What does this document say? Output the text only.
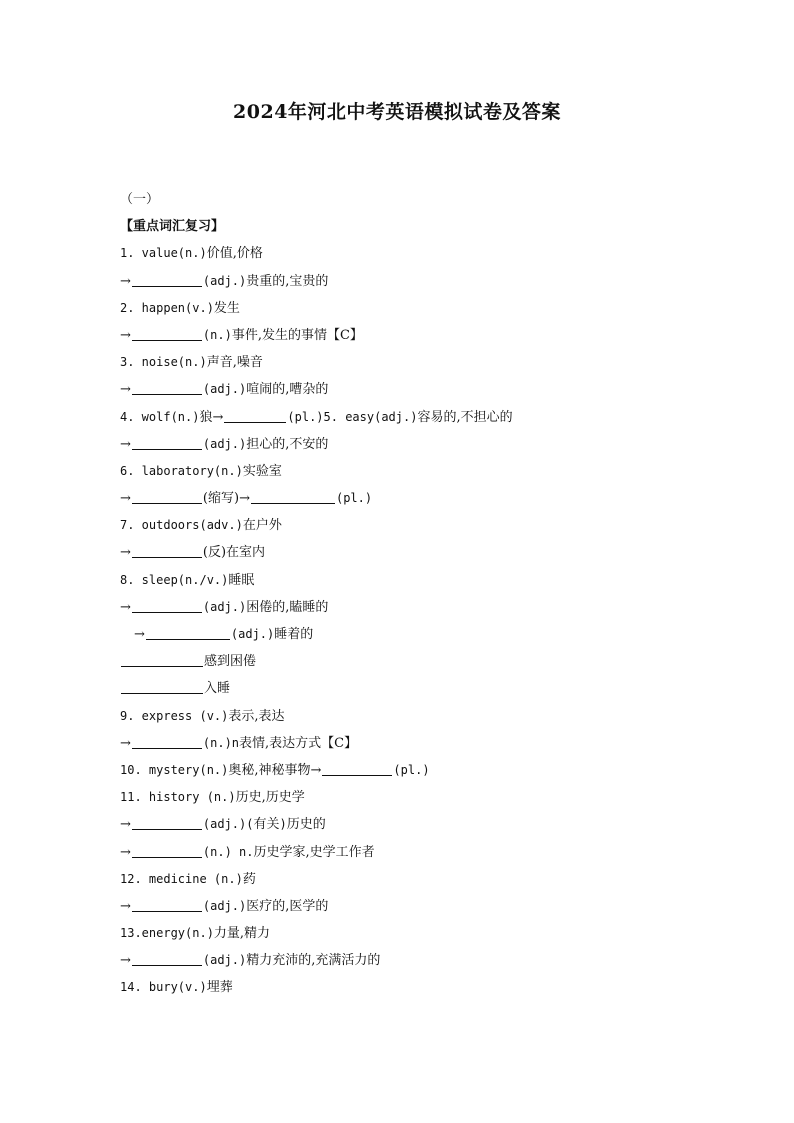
2024年河北中考英语模拟试卷及答案
（一）
【重点词汇复习】
1. value(n.)价值,价格
→	(adj.)贵重的,宝贵的
2. happen(v.)发生
→	(n.)事件,发生的事情【C】
3. noise(n.)声音,噪音
→	(adj.)喧闹的,嘈杂的
4. wolf(n.)狼→	(pl.)5. easy(adj.)容易的,不担心的
→	(adj.)担心的,不安的
6. laboratory(n.)实验室
→	(缩写)→	(pl.)
7. outdoors(adv.)在户外
→	(反)在室内
8. sleep(n./v.)睡眠
→	(adj.)困倦的,瞌睡的
→	(adj.)睡着的
感到困倦
入睡
9. express (v.)表示,表达
→	(n.)n表情,表达方式【C】
10. mystery(n.)奥秘,神秘事物→	(pl.)
11. history (n.)历史,历史学
→	(adj.)(有关)历史的
→	(n.) n.历史学家,史学工作者
12. medicine (n.)药
→	(adj.)医疗的,医学的
13.energy(n.)力量,精力
→	(adj.)精力充沛的,充满活力的
14. bury(v.)埋葬
